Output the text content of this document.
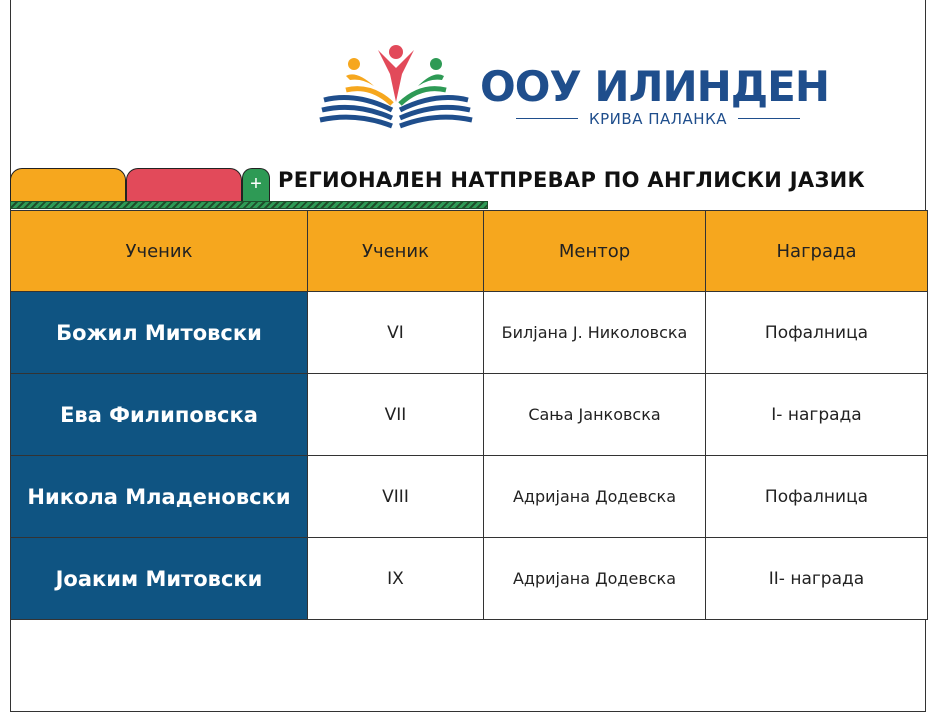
ООУ ИЛИНДЕН
КРИВА ПАЛАНКА
+ РЕГИОНАЛЕН НАТПРЕВАР ПО АНГЛИСКИ ЈАЗИК
Ученик	Ученик	Ментор	Награда
Божил Митовски	VI	Билјана Ј. Николовска	Пофалница
Ева Филиповска	VII	Сања Јанковска	I- награда
Никола Младеновски	VIII	Адријана Додевска	Пофалница
Јоаким Митовски	IX	Адријана Додевска	II- награда
